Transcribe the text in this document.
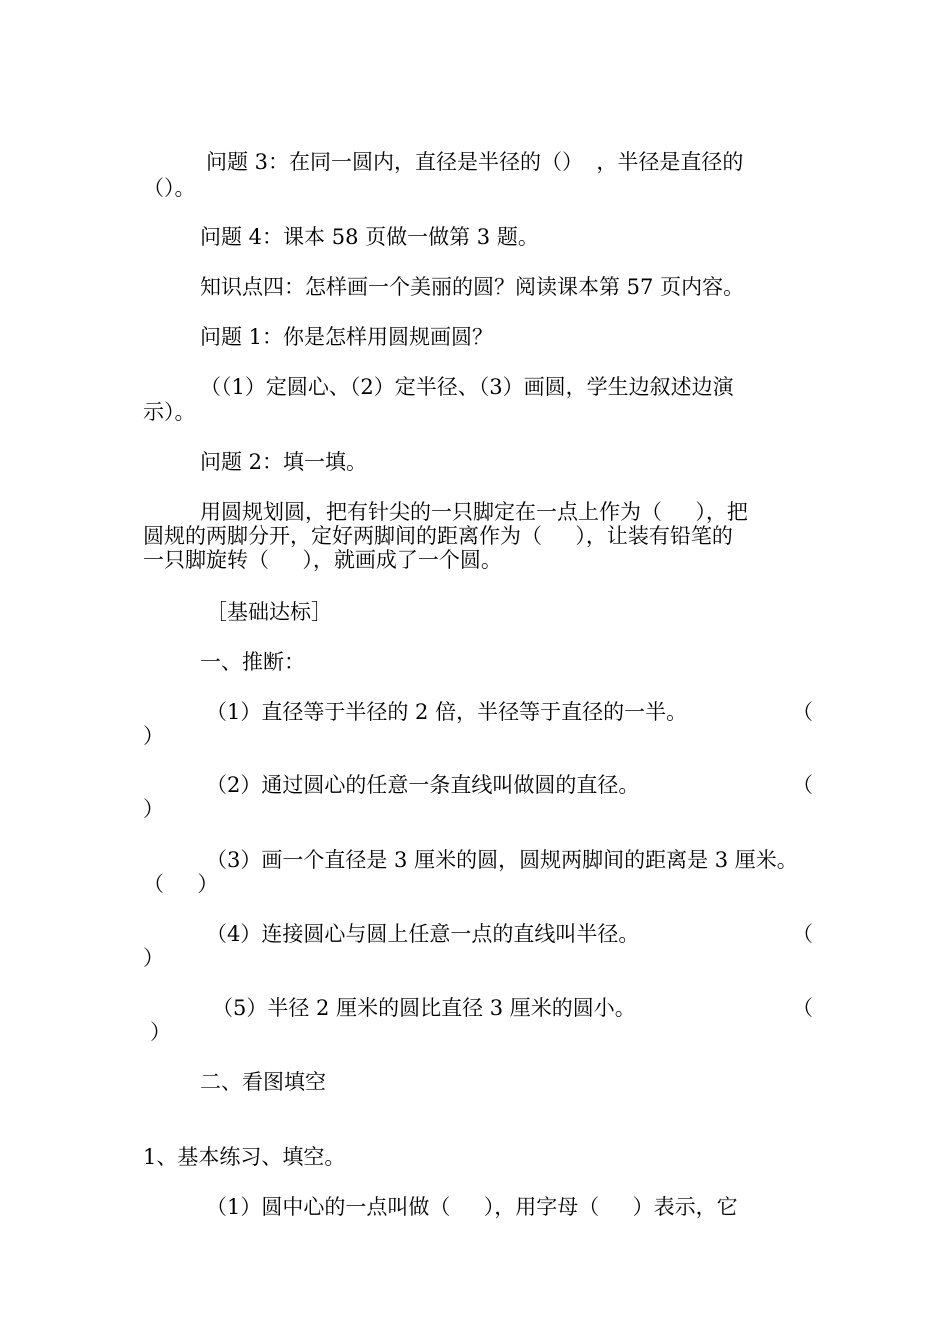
问题 3：在同一圆内，直径是半径的（）  ，半径是直径的
（）。
问题 4：课本 58 页做一做第 3 题。
知识点四：怎样画一个美丽的圆？阅读课本第 57 页内容。
问题 1：你是怎样用圆规画圆？
（（1）定圆心、（2）定半径、（3）画圆，学生边叙述边演
示）。
问题 2：填一填。
用圆规划圆，把有针尖的一只脚定在一点上作为（     ），把
圆规的两脚分开，定好两脚间的距离作为（     ），让装有铅笔的
一只脚旋转（     ），就画成了一个圆。
［基础达标］
一、推断：
（1）直径等于半径的 2 倍，半径等于直径的一半。	（
）
（2）通过圆心的任意一条直线叫做圆的直径。	（
）
（3）画一个直径是 3 厘米的圆，圆规两脚间的距离是 3 厘米。
（     ）
（4）连接圆心与圆上任意一点的直线叫半径。	（
）
（5）半径 2 厘米的圆比直径 3 厘米的圆小。	（
）
二、看图填空
1、基本练习、填空。
（1）圆中心的一点叫做（     ），用字母（     ）表示，它
